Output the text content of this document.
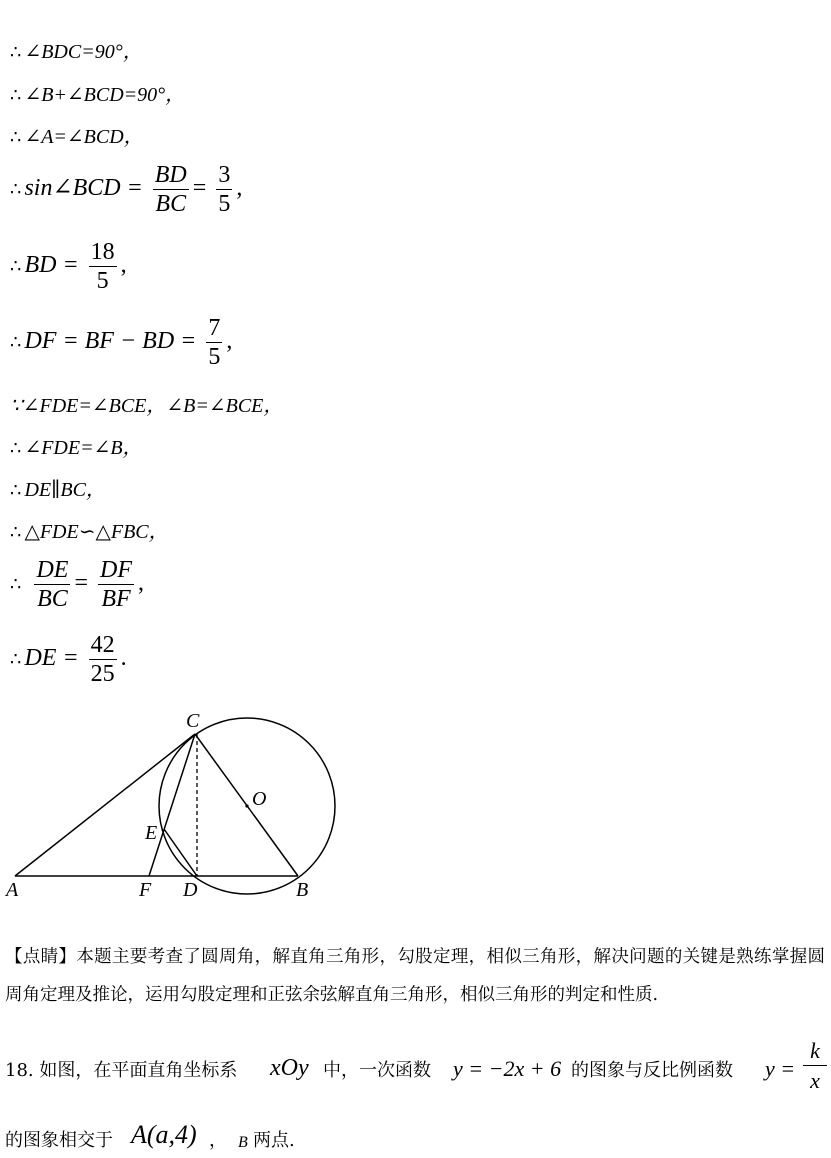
∴ ∠BDC=90°，
∴ ∠B+∠BCD=90°，
∴ ∠A=∠BCD，
∴ sin∠BCD = $\frac{BD}{BC} = \frac{3}{5}$ ,
∴ BD = $\frac{18}{5}$ ,
∴ DF = BF − BD = $\frac{7}{5}$ ,
∵∠FDE=∠BCE，∠B=∠BCE，
∴ ∠FDE=∠B，
∴ DE∥BC，
∴ △FDE∽△FBC，
∴ $\frac{DE}{BC} = \frac{DF}{BF}$ ,
∴ DE = $\frac{42}{25}$ .
C
O
E
A	F D	B
【点睛】本题主要考查了圆周角，解直角三角形，勾股定理，相似三角形，解决问题的关键是熟练掌握圆周角定理及推论，运用勾股定理和正弦余弦解直角三角形，相似三角形的判定和性质.
18. 如图，在平面直角坐标系 xOy 中，一次函数 y = −2x + 6 的图象与反比例函数 y =
k
x
的图象相交于 A(a,4) ， B 两点.
